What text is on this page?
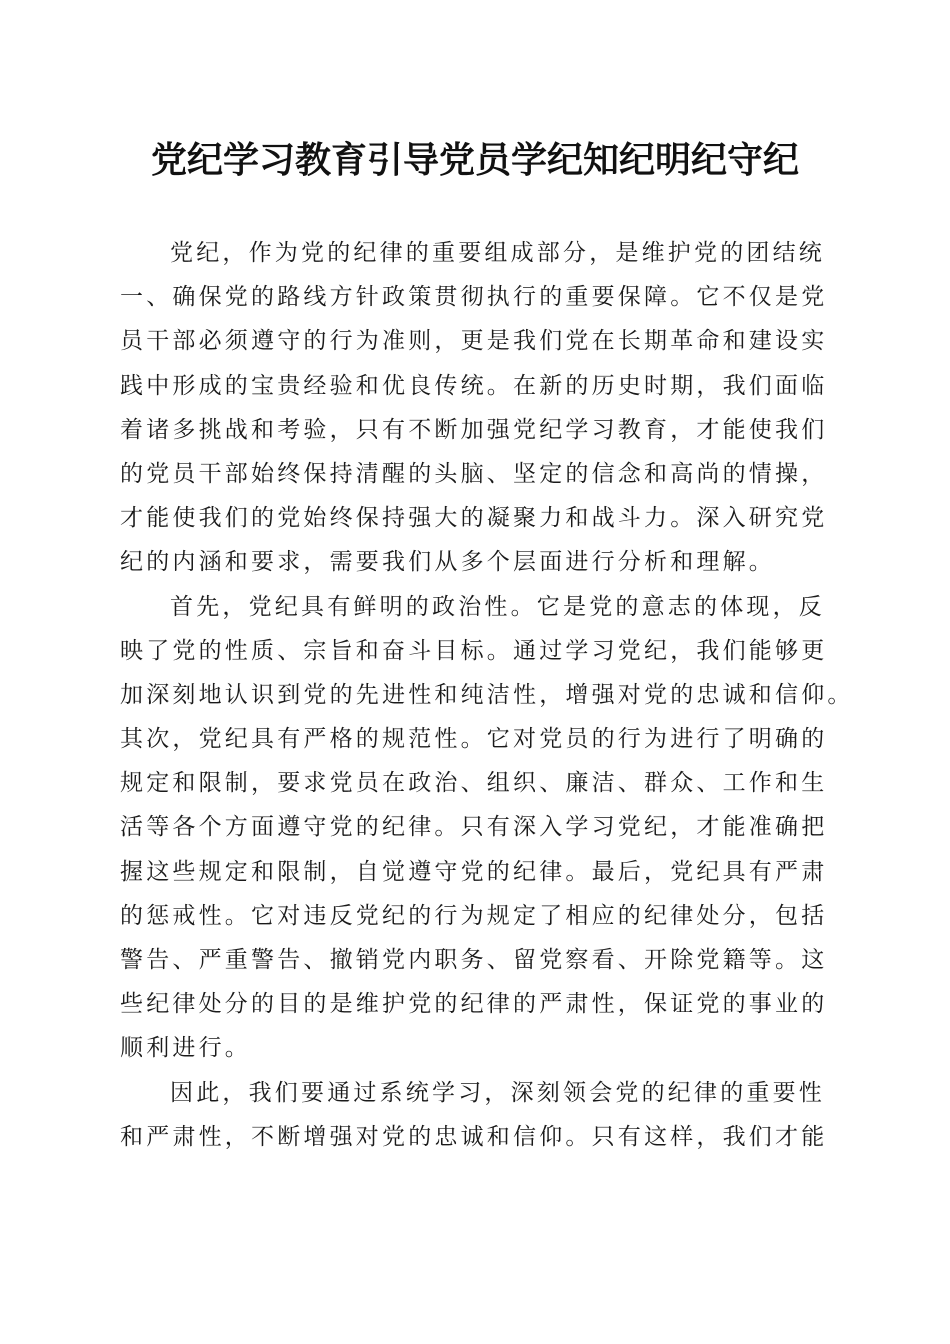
党纪学习教育引导党员学纪知纪明纪守纪
党纪，作为党的纪律的重要组成部分，是维护党的团结统
一、确保党的路线方针政策贯彻执行的重要保障。它不仅是党
员干部必须遵守的行为准则，更是我们党在长期革命和建设实
践中形成的宝贵经验和优良传统。在新的历史时期，我们面临
着诸多挑战和考验，只有不断加强党纪学习教育，才能使我们
的党员干部始终保持清醒的头脑、坚定的信念和高尚的情操，
才能使我们的党始终保持强大的凝聚力和战斗力。深入研究党
纪的内涵和要求，需要我们从多个层面进行分析和理解。
首先，党纪具有鲜明的政治性。它是党的意志的体现，反
映了党的性质、宗旨和奋斗目标。通过学习党纪，我们能够更
加深刻地认识到党的先进性和纯洁性，增强对党的忠诚和信仰。
其次，党纪具有严格的规范性。它对党员的行为进行了明确的
规定和限制，要求党员在政治、组织、廉洁、群众、工作和生
活等各个方面遵守党的纪律。只有深入学习党纪，才能准确把
握这些规定和限制，自觉遵守党的纪律。最后，党纪具有严肃
的惩戒性。它对违反党纪的行为规定了相应的纪律处分，包括
警告、严重警告、撤销党内职务、留党察看、开除党籍等。这
些纪律处分的目的是维护党的纪律的严肃性，保证党的事业的
顺利进行。
因此，我们要通过系统学习，深刻领会党的纪律的重要性
和严肃性，不断增强对党的忠诚和信仰。只有这样，我们才能
